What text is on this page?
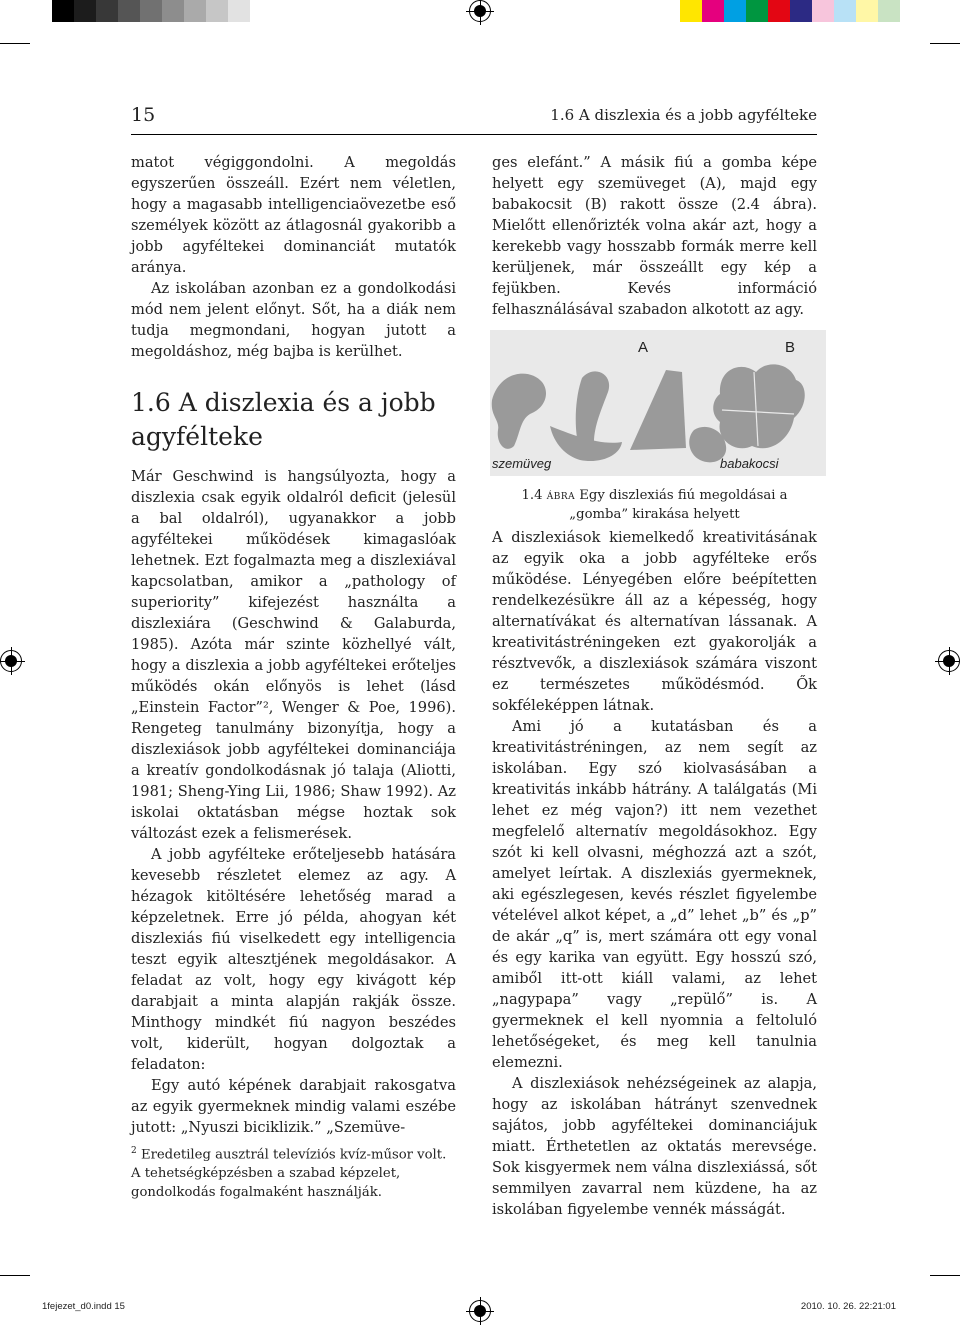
15	1.6 A diszlexia és a jobb agyfélteke

matot végiggondolni. A megoldás egyszerűen összeáll. Ezért nem véletlen, hogy a magasabb intelligenciaövezetbe eső személyek között az átlagosnál gyakoribb a jobb agyféltekei dominanciát mutatók aránya.

Az iskolában azonban ez a gondolkodási mód nem jelent előnyt. Sőt, ha a diák nem tudja megmondani, hogyan jutott a megoldáshoz, még bajba is kerülhet.

1.6 A diszlexia és a jobb agyfélteke

Már Geschwind is hangsúlyozta, hogy a diszlexia csak egyik oldalról deficit (jelesül a bal oldalról), ugyanakkor a jobb agyféltekei működések kimagaslóak lehetnek. Ezt fogalmazta meg a diszlexiával kapcsolatban, amikor a „pathology of superiority” kifejezést használta a diszlexiára (Geschwind & Galaburda, 1985). Azóta már szinte közhellyé vált, hogy a diszlexia a jobb agyféltekei erőteljes működés okán előnyös is lehet (lásd „Einstein Factor”², Wenger & Poe, 1996). Rengeteg tanulmány bizonyítja, hogy a diszlexiások jobb agyféltekei dominanciája a kreatív gondolkodásnak jó talaja (Aliotti, 1981; Sheng-Ying Lii, 1986; Shaw 1992). Az iskolai oktatásban mégse hoztak sok változást ezek a felismerések.

A jobb agyfélteke erőteljesebb hatására kevesebb részletet elemez az agy. A hézagok kitöltésére lehetőség marad a képzeletnek. Erre jó példa, ahogyan két diszlexiás fiú viselkedett egy intelligencia teszt egyik altesztjének megoldásakor. A feladat az volt, hogy egy kivágott kép darabjait a minta alapján rakják össze. Minthogy mindkét fiú nagyon beszédes volt, kiderült, hogyan dolgoztak a feladaton:

Egy autó képének darabjait rakosgatva az egyik gyermeknek mindig valami eszébe jutott: „Nyuszi biciklizik.” „Szemüve-

$^2$ Eredetileg ausztrál televíziós kvíz-műsor volt. A tehetségképzésben a szabad képzelet, gondolkodás fogalmaként használják.

ges elefánt.” A másik fiú a gomba képe helyett egy szemüveget (A), majd egy babakocsit (B) rakott össze (2.4 ábra). Mielőtt ellenőrizték volna akár azt, hogy a kerekebb vagy hosszabb formák merre kell kerüljenek, már összeállt egy kép a fejükben. Kevés információ felhasználásával szabadon alkotott az agy.

A	B
szemüveg	babakocsi
1.4 ábra Egy diszlexiás fiú megoldásai a „gomba” kirakása helyett

A diszlexiások kiemelkedő kreativitásának az egyik oka a jobb agyfélteke erős működése. Lényegében előre beépítetten rendelkezésükre áll az a képesség, hogy alternatívákat és alternatívan lássanak. A kreativitástréningeken ezt gyakorolják a résztvevők, a diszlexiások számára viszont ez természetes működésmód. Ők sokféleképpen látnak.

Ami jó a kutatásban és a kreativitástréningen, az nem segít az iskolában. Egy szó kiolvasásában a kreativitás inkább hátrány. A találgatás (Mi lehet ez még vajon?) itt nem vezethet megfelelő alternatív megoldásokhoz. Egy szót ki kell olvasni, méghozzá azt a szót, amelyet leírtak. A diszlexiás gyermeknek, aki egészlegesen, kevés részlet figyelembe vételével alkot képet, a „d” lehet „b” és „p” de akár „q” is, mert számára ott egy vonal és egy karika van együtt. Egy hosszú szó, amiből itt-ott kiáll valami, az lehet „nagypapa” vagy „repülő” is. A gyermeknek el kell nyomnia a feltoluló lehetőségeket, és meg kell tanulnia elemezni.

A diszlexiások nehézségeinek az alapja, hogy az iskolában hátrányt szenvednek sajátos, jobb agyféltekei dominanciájuk miatt. Érthetetlen az oktatás merevsége. Sok kisgyermek nem válna diszlexiássá, sőt semmilyen zavarral nem küzdene, ha az iskolában figyelembe vennék másságát.

1fejezet_d0.indd 15	2010. 10. 26. 22:21:01
